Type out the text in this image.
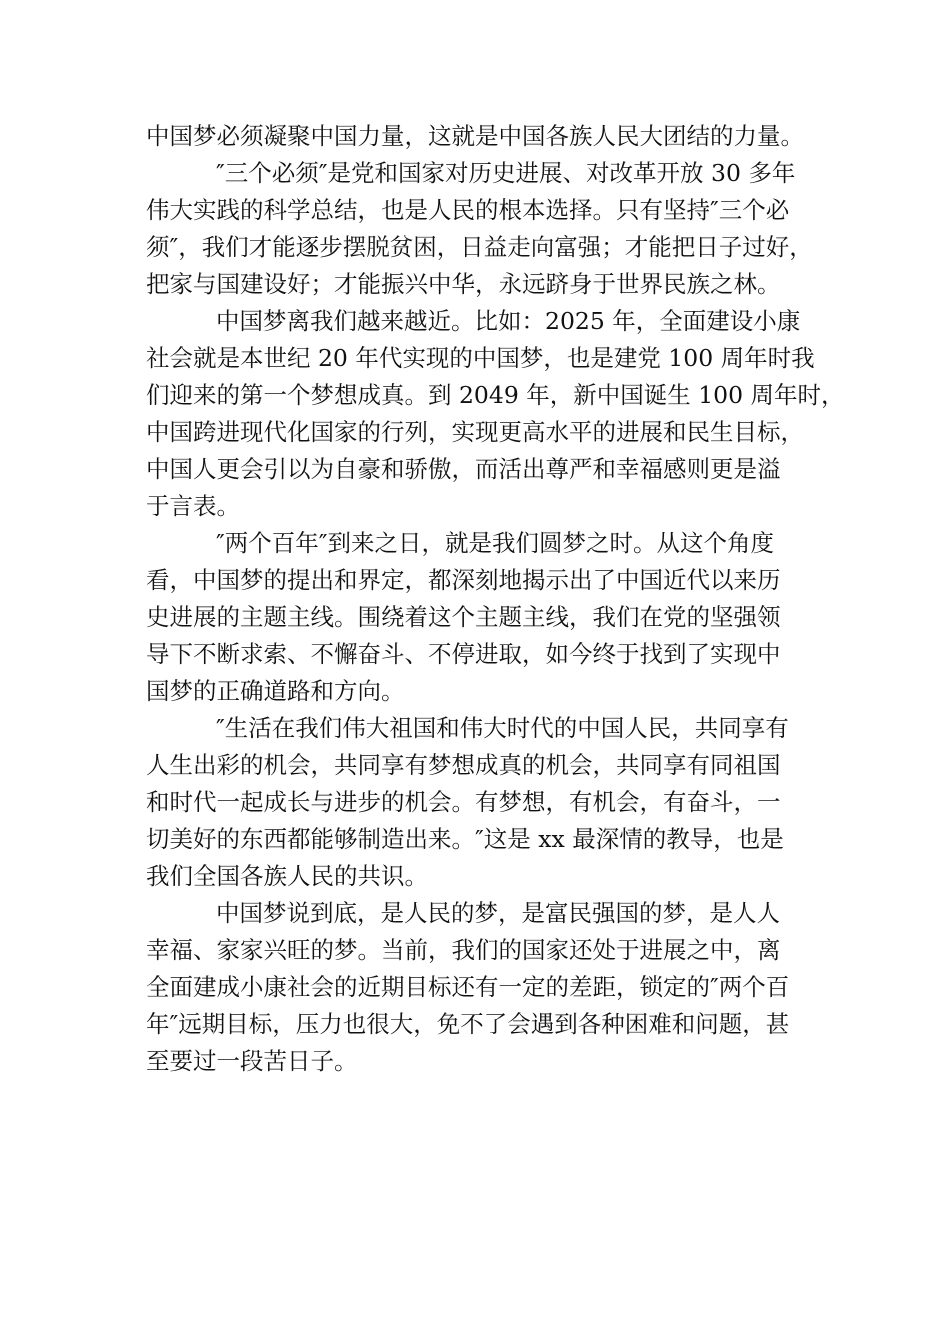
中国梦必须凝聚中国力量，这就是中国各族人民大团结的力量。
″三个必须″是党和国家对历史进展、对改革开放 30 多年
伟大实践的科学总结，也是人民的根本选择。只有坚持″三个必
须″，我们才能逐步摆脱贫困，日益走向富强；才能把日子过好，
把家与国建设好；才能振兴中华，永远跻身于世界民族之林。
中国梦离我们越来越近。比如：2025 年，全面建设小康
社会就是本世纪 20 年代实现的中国梦，也是建党 100 周年时我
们迎来的第一个梦想成真。到 2049 年，新中国诞生 100 周年时，
中国跨进现代化国家的行列，实现更高水平的进展和民生目标，
中国人更会引以为自豪和骄傲，而活出尊严和幸福感则更是溢
于言表。
″两个百年″到来之日，就是我们圆梦之时。从这个角度
看，中国梦的提出和界定，都深刻地揭示出了中国近代以来历
史进展的主题主线。围绕着这个主题主线，我们在党的坚强领
导下不断求索、不懈奋斗、不停进取，如今终于找到了实现中
国梦的正确道路和方向。
″生活在我们伟大祖国和伟大时代的中国人民，共同享有
人生出彩的机会，共同享有梦想成真的机会，共同享有同祖国
和时代一起成长与进步的机会。有梦想，有机会，有奋斗，一
切美好的东西都能够制造出来。″这是 xx 最深情的教导，也是
我们全国各族人民的共识。
中国梦说到底，是人民的梦，是富民强国的梦，是人人
幸福、家家兴旺的梦。当前，我们的国家还处于进展之中，离
全面建成小康社会的近期目标还有一定的差距，锁定的″两个百
年″远期目标，压力也很大，免不了会遇到各种困难和问题，甚
至要过一段苦日子。
